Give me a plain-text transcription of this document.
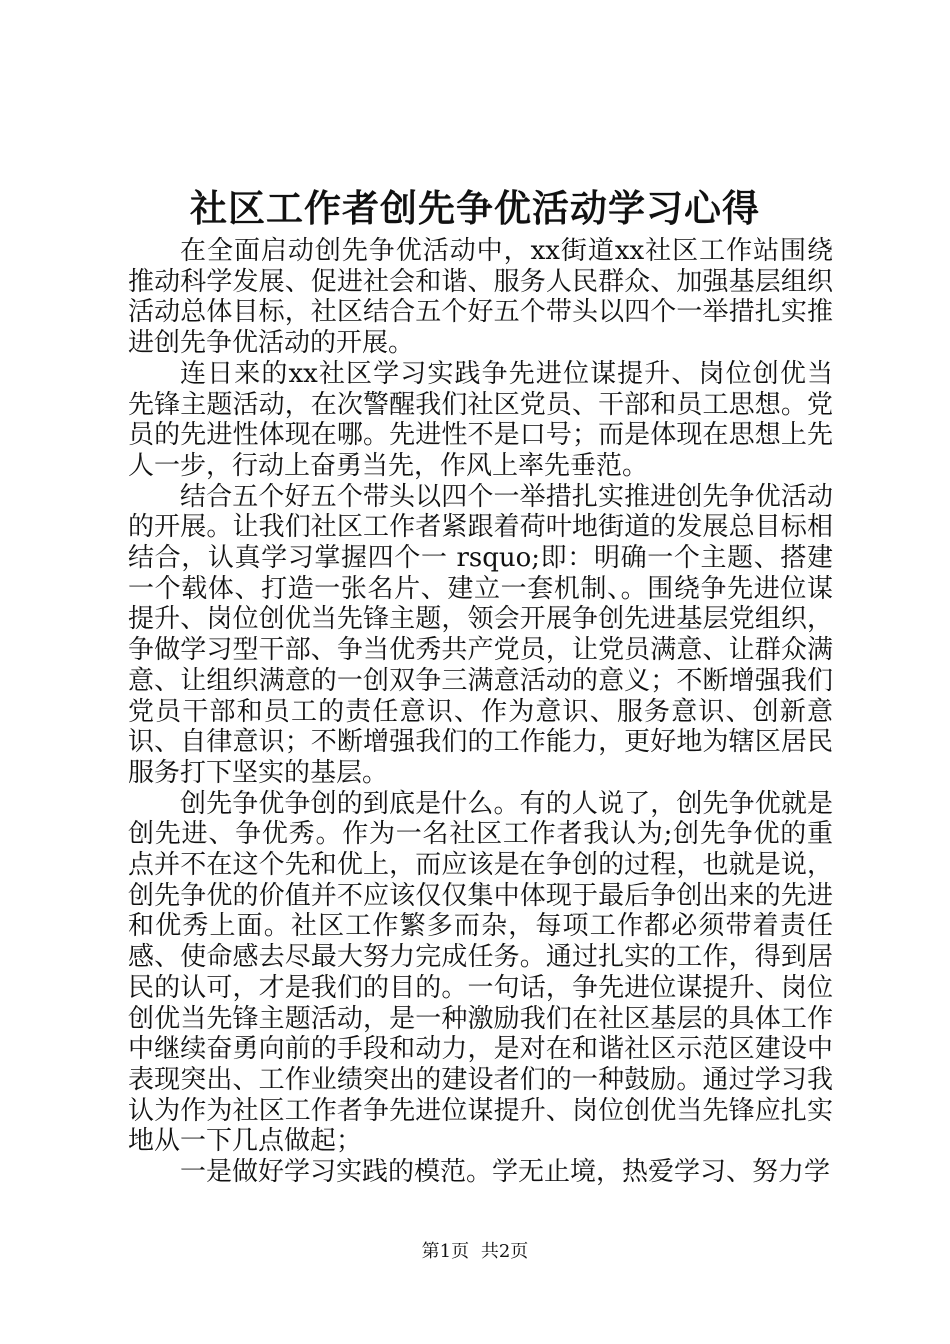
社区工作者创先争优活动学习心得

在全面启动创先争优活动中，xx街道xx社区工作站围绕推动科学发展、促进社会和谐、服务人民群众、加强基层组织活动总体目标，社区结合五个好五个带头以四个一举措扎实推进创先争优活动的开展。

连日来的xx社区学习实践争先进位谋提升、岗位创优当先锋主题活动，在次警醒我们社区党员、干部和员工思想。党员的先进性体现在哪。先进性不是口号；而是体现在思想上先人一步，行动上奋勇当先，作风上率先垂范。

结合五个好五个带头以四个一举措扎实推进创先争优活动的开展。让我们社区工作者紧跟着荷叶地街道的发展总目标相结合，认真学习掌握四个一 rsquo;即：明确一个主题、搭建一个载体、打造一张名片、建立一套机制、。围绕争先进位谋提升、岗位创优当先锋主题，领会开展争创先进基层党组织，争做学习型干部、争当优秀共产党员，让党员满意、让群众满意、让组织满意的一创双争三满意活动的意义；不断增强我们党员干部和员工的责任意识、作为意识、服务意识、创新意识、自律意识；不断增强我们的工作能力，更好地为辖区居民服务打下坚实的基层。

创先争优争创的到底是什么。有的人说了，创先争优就是创先进、争优秀。作为一名社区工作者我认为;创先争优的重点并不在这个先和优上，而应该是在争创的过程，也就是说，创先争优的价值并不应该仅仅集中体现于最后争创出来的先进和优秀上面。社区工作繁多而杂，每项工作都必须带着责任感、使命感去尽最大努力完成任务。通过扎实的工作，得到居民的认可，才是我们的目的。一句话，争先进位谋提升、岗位创优当先锋主题活动，是一种激励我们在社区基层的具体工作中继续奋勇向前的手段和动力，是对在和谐社区示范区建设中表现突出、工作业绩突出的建设者们的一种鼓励。通过学习我认为作为社区工作者争先进位谋提升、岗位创优当先锋应扎实地从一下几点做起；

一是做好学习实践的模范。学无止境，热爱学习、努力学

第1页 共2页
